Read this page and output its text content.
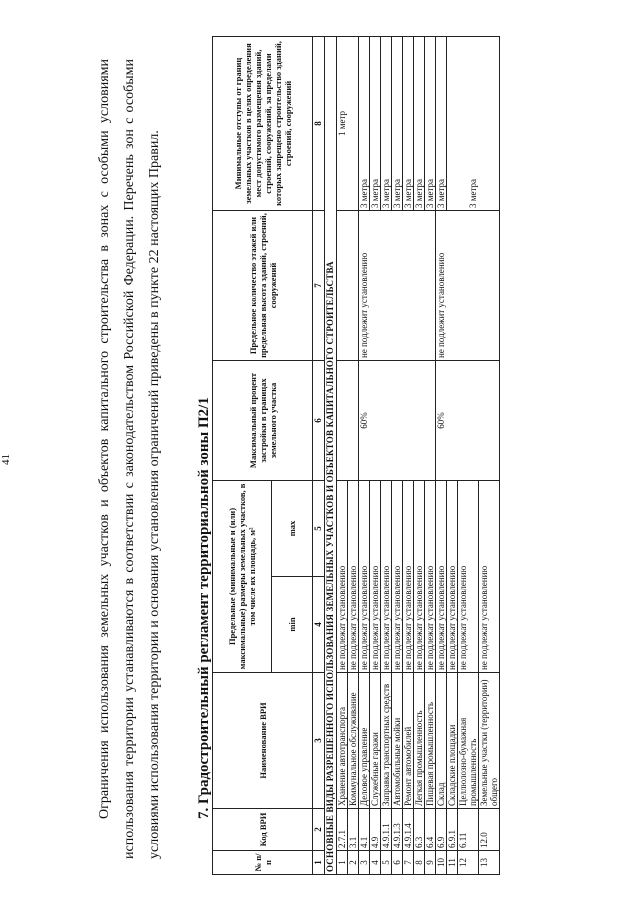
41	Ограничения использования земельных участков и объектов капитального строительства в зонах с особыми условиями использования территории устанавливаются в соответствии с законодательством Российской Федерации. Перечень зон с особыми условиями использования территории и основания установления ограничений приведены в пункте 22 настоящих Правил.	7. Градостроительный регламент территориальной зоны П2/1
№ п/п	Код ВРИ	Наименование ВРИ	Предельные (минимальные и (или) максимальные) размеры земельных участков, в том числе их площадь, м²		Максимальный процент застройки в границах земельного участка	Предельное количество этажей или предельная высота зданий, строений, сооружений	Минимальные отступы от границ земельных участков в целях определения мест допустимого размещения зданий, строений, сооружений, за пределами которых запрещено строительство зданий, строений, сооружений
			min	max			
1	2	3	4	5	6	7	8
ОСНОВНЫЕ ВИДЫ РАЗРЕШЕННОГО ИСПОЛЬЗОВАНИЯ ЗЕМЕЛЬНЫХ УЧАСТКОВ И ОБЪЕКТОВ КАПИТАЛЬНОГО СТРОИТЕЛЬСТВА							
1	2.7.1	Хранение автотранспорта	не подлежат установлению				1 метр
2	3.1	Коммунальное обслуживание	не подлежат установлению				
3	4.1	Деловое управление	не подлежат установлению		60%	не подлежит установлению	3 метра
4	4.9	Служебные гаражи	не подлежат установлению				3 метра
5	4.9.1.1	Заправка транспортных средств	не подлежат установлению				3 метра
6	4.9.1.3	Автомобильные мойки	не подлежат установлению				3 метра
7	4.9.1.4	Ремонт автомобилей	не подлежат установлению				3 метра
8	6.3	Легкая промышленность	не подлежат установлению				3 метра
9	6.4	Пищевая промышленность	не подлежат установлению				3 метра
10	6.9	Склад	не подлежат установлению		60%	не подлежит установлению	3 метра
11	6.9.1	Складские площадки	не подлежат установлению				3 метра
12	6.11	Целлюлозно-бумажная промышленность	не подлежат установлению				
13	12.0	Земельные участки (территории) общего	не подлежат установлению				
